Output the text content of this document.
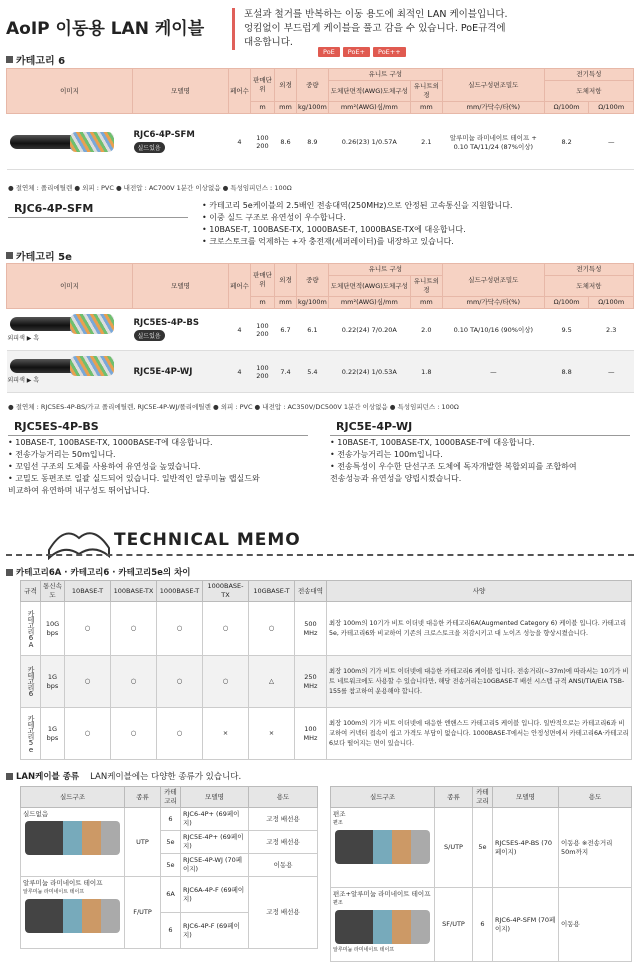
AoIP 이동용 LAN 케이블
포설과 철거를 반복하는 이동 용도에 최적인 LAN 케이블입니다.
엉킴없이 부드럽게 케이블을 풀고 감을 수 있습니다. PoE규격에
대응합니다.
PoE	PoE+	PoE++
카테고리 6
이미지	모델명	페어수	판매단위	외경	중량	유니트 구성		실드구성편조밀도	전기특성	
						도체단면적(AWG)도체구성	유니트외경		도체저항	
			m	mm	kg/100m	mm²(AWG)심/mm	mm	mm/가닥수/타(%)	Ω/100m	Ω/100m

	RJC6-4P-SFM
실드있음	4	100 200	8.6	8.9	0.26(23) 1/0.57A	2.1	알루미늄 라미네이트 테이프 + 0.10 TA/11/24 (87%이상)	8.2	—
● 절연체 : 폴리에틸렌 ● 외피 : PVC ● 내전압 : AC700V 1분간 이상없음 ● 특성임피던스 : 100Ω
RJC6-4P-SFM	• 카테고리 5e케이블의 2.5배인 전송대역(250MHz)으로 안정된 고속통신을 지원합니다.
• 이중 실드 구조로 유연성이 우수합니다.
• 10BASE-T, 100BASE-TX, 1000BASE-T, 1000BASE-TX에 대응합니다.
• 크로스토크를 억제하는 +자 충전재(세퍼레이터)를 내장하고 있습니다.
카테고리 5e
이미지	모델명	페어수	판매단위	외경	중량	유니트 구성		실드구성편조밀도	전기특성	
						도체단면적(AWG)도체구성	유니트외경		도체저항	
			m	mm	kg/100m	mm²(AWG)심/mm	mm	mm/가닥수/타(%)	Ω/100m	Ω/100m

외피색 ▶ 흑	RJC5ES-4P-BS
실드있음	4	100 200	6.7	6.1	0.22(24) 7/0.20A	2.0	0.10 TA/10/16 (90%이상)	9.5	2.3

외피색 ▶ 흑	RJC5E-4P-WJ	4	100 200	7.4	5.4	0.22(24) 1/0.53A	1.8	—	8.8	—
● 절연체 : RJC5ES-4P-BS/가교 폴리에틸렌, RJC5E-4P-WJ/폴리에틸렌 ● 외피 : PVC ● 내전압 : AC350V/DC500V 1분간 이상없음 ● 특성임피던스 : 100Ω
RJC5ES-4P-BS
• 10BASE-T, 100BASE-TX, 1000BASE-T에 대응합니다.
• 전송가능거리는 50m입니다.
• 꼬임선 구조의 도체를 사용하여 유연성을 높였습니다.
• 고밀도 동편조로 일괄 실드되어 있습니다. 일반적인 알루미늄 랩실드와
비교하여 유연하며 내구성도 뛰어납니다.
RJC5E-4P-WJ
• 10BASE-T, 100BASE-TX, 1000BASE-T에 대응합니다.
• 전송가능거리는 100m입니다.
• 전송특성이 우수한 단선구조 도체에 독자개발한 복합외피를 조합하여
전송성능과 유연성을 양립시켰습니다.
TECHNICAL MEMO
카테고리6A · 카테고리6 · 카테고리5e의 차이
규격	통신속도	10BASE-T	100BASE-TX	1000BASE-T	1000BASE-TX	10GBASE-T	전송대역	사양
카테고리6A	10G bps	○	○	○	○	○	500 MHz	최장 100m의 10기가 비트 이더넷 대응한 카테고리6A(Augmented Category 6) 케이블 입니다. 카테고리5e, 카테고리6와 비교하여 기존의 크로스토크을 저감시키고 대 노이즈 성능을 향상시켰습니다.
카테고리6	1G bps	○	○	○	○	△	250 MHz	최장 100m의 기가 비트 이더넷에 대응한 카테고리6 케이블 입니다. 전송거리(~37m)에 따라서는 10기가 비트 네트워크에도 사용할 수 있습니다만, 해당 전송거리는10GBASE-T 배선 시스템 규격 ANSI/TIA/EIA TSB-155를 참고하여 운용해야 합니다.
카테고리5e	1G bps	○	○	○	×	×	100 MHz	최장 100m의 기가 비트 이더넷에 대응한 엔핸스드 카테고리5 케이블 입니다. 일반적으로는 카테고리6과 비교하여 커넥터 접속이 쉽고 가격도 부담이 없습니다. 1000BASE-T에서는 안정성면에서 카테고리6A·카테고리6보다 떨어지는 면이 있습니다.
LAN케이블 종류 LAN케이블에는 다양한 종류가 있습니다.
실드구조	종류	카테고리	모델명	용도

실드없음	UTP	6	RJC6-4P+ (69페이지)	고정 배선용
		5e	RJC5E-4P+ (69페이지)	고정 배선용
		5e	RJC5E-4P-WJ (70페이지)	이동용

알루미늄 라미네이트 테이프
알루미늄 라미네이트 테이프	F/UTP	6A	RJC6A-4P-F (69페이지)	고정 배선용
		6	RJC6-4P-F (69페이지)	
실드구조	종류	카테고리	모델명	용도

편조
편조	S/UTP	5e	RJC5ES-4P-BS (70페이지)	이동용 ※전송거리 50m까지

편조+알루미늄 라미네이트 테이프
편조
알루미늄 라미네이트 테이프	SF/UTP	6	RJC6-4P-SFM (70페이지)	이동용
